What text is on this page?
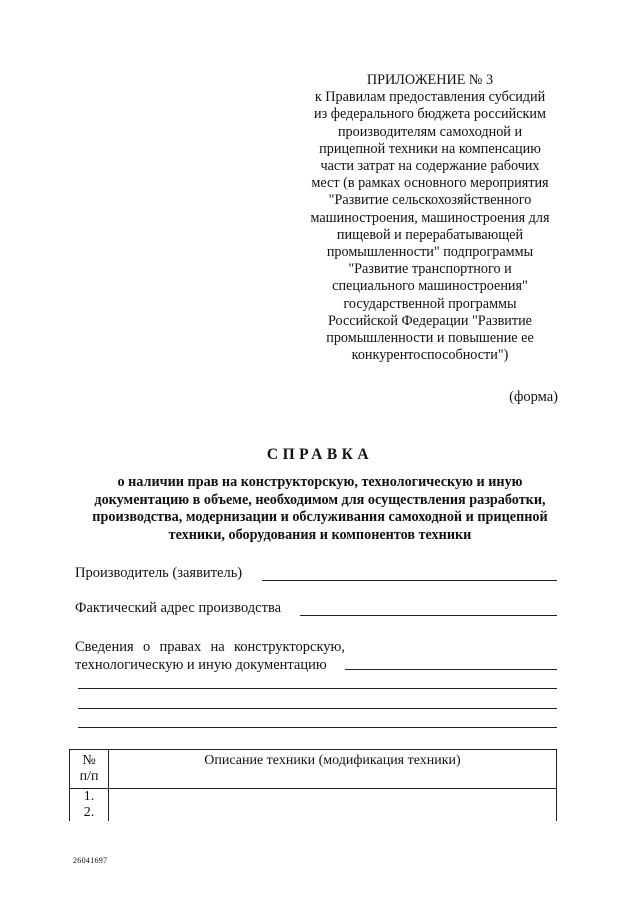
ПРИЛОЖЕНИЕ № 3
к Правилам предоставления субсидий
из федерального бюджета российским
производителям самоходной и
прицепной техники на компенсацию
части затрат на содержание рабочих
мест (в рамках основного мероприятия
"Развитие сельскохозяйственного
машиностроения, машиностроения для
пищевой и перерабатывающей
промышленности" подпрограммы
"Развитие транспортного и
специального машиностроения"
государственной программы
Российской Федерации "Развитие
промышленности и повышение ее
конкурентоспособности")
(форма)
СПРАВКА
о наличии прав на конструкторскую, технологическую и иную
документацию в объеме, необходимом для осуществления разработки,
производства, модернизации и обслуживания самоходной и прицепной
техники, оборудования и компонентов техники
Производитель (заявитель)
Фактический адрес производства
Сведения о правах на конструкторскую,
технологическую и иную документацию
№
п/п	Описание техники (модификация техники)
1.	
2.	
26041697
